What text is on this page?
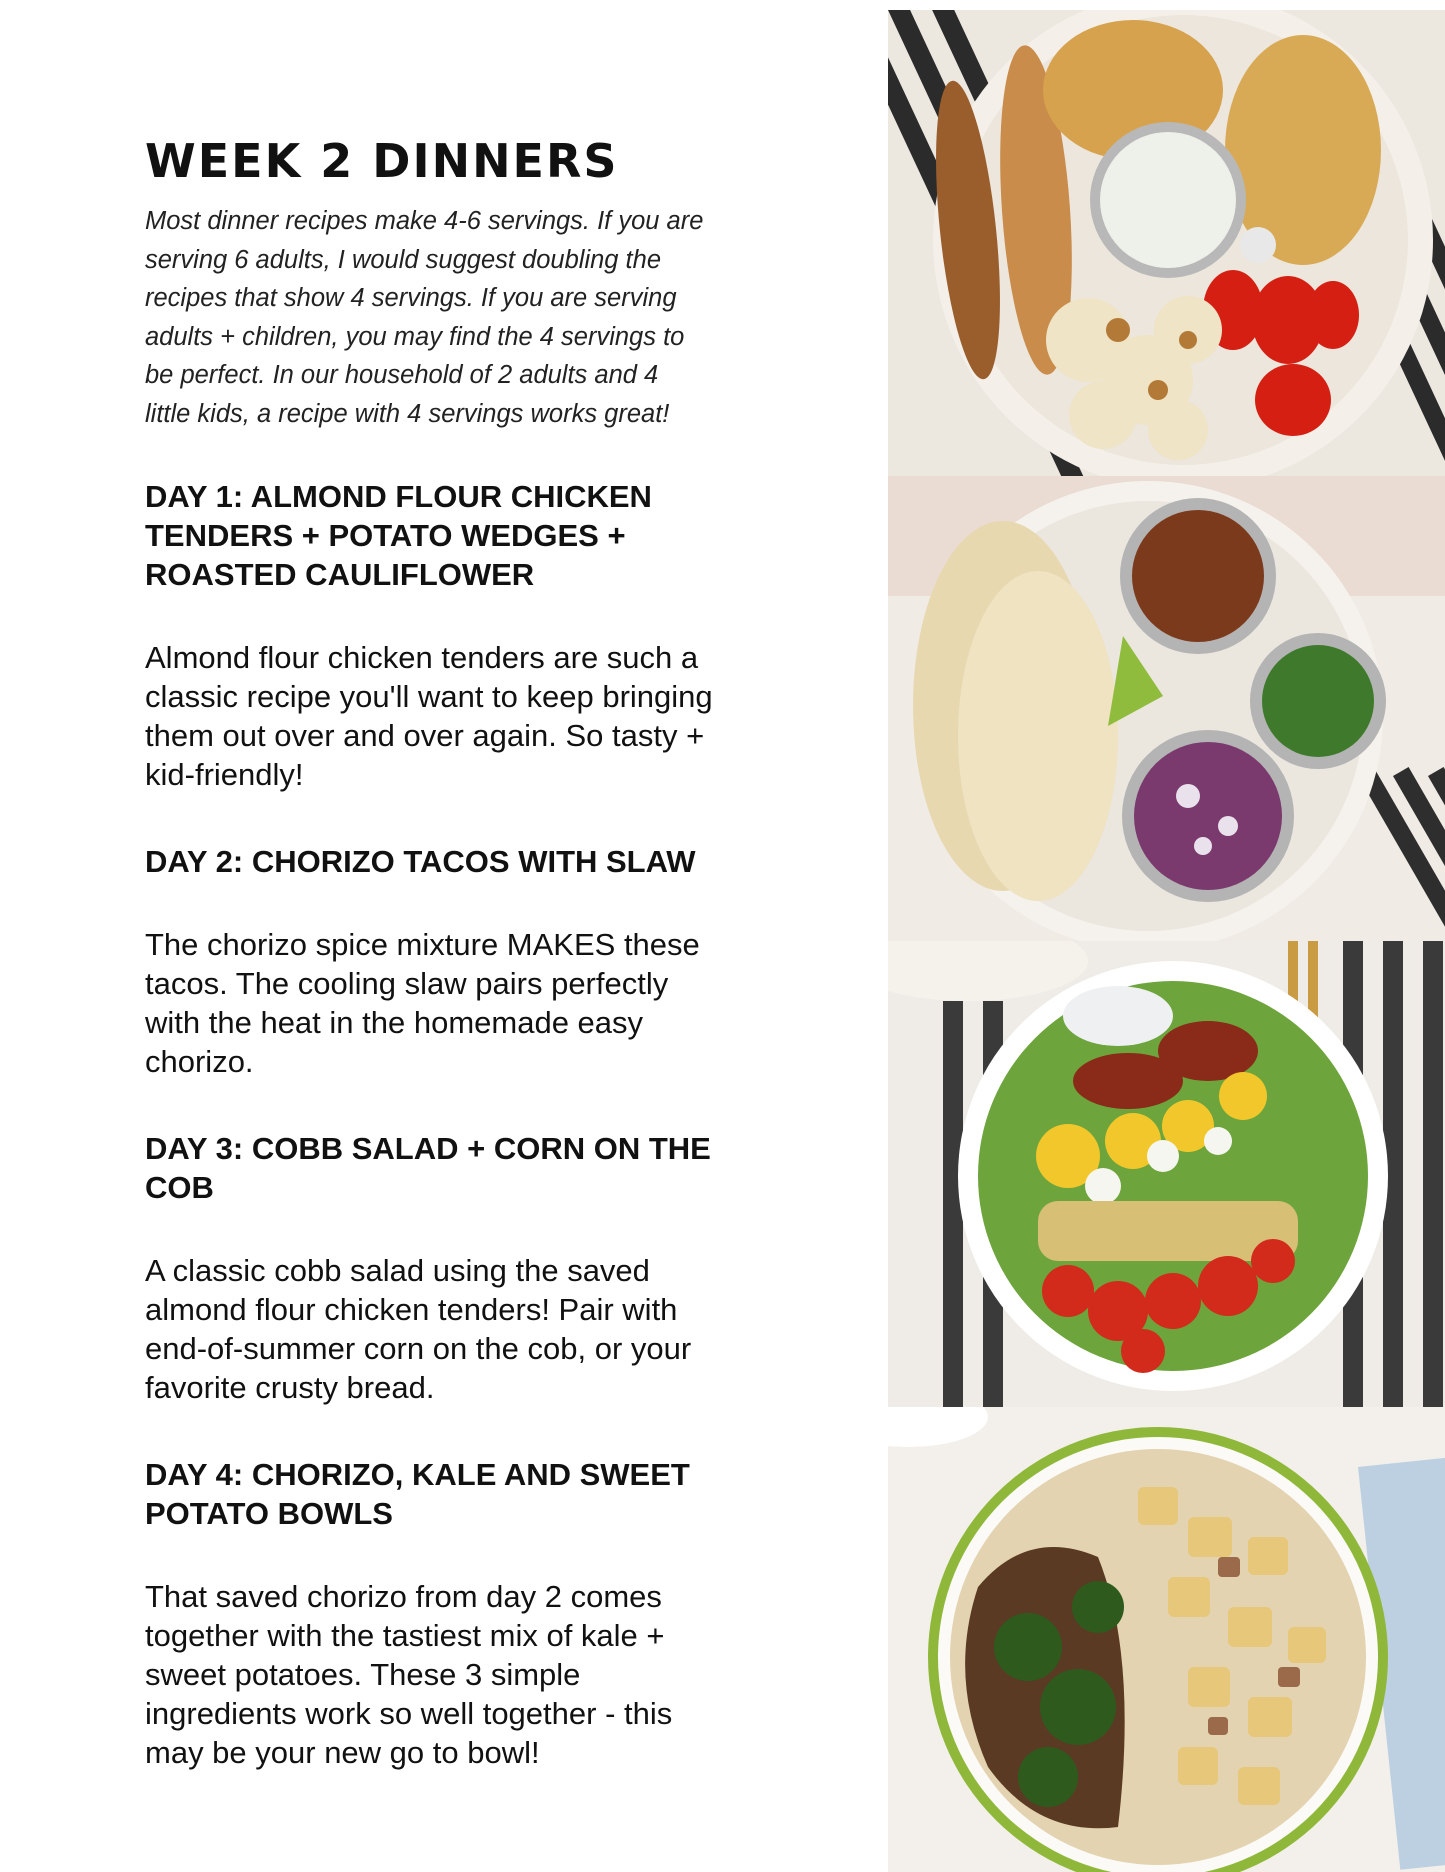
WEEK 2 DINNERS

Most dinner recipes make 4-6 servings. If you are
serving 6 adults, I would suggest doubling the
recipes that show 4 servings. If you are serving
adults + children, you may find the 4 servings to
be perfect. In our household of 2 adults and 4
little kids, a recipe with 4 servings works great!

DAY 1: ALMOND FLOUR CHICKEN
TENDERS + POTATO WEDGES +
ROASTED CAULIFLOWER

Almond flour chicken tenders are such a
classic recipe you'll want to keep bringing
them out over and over again. So tasty +
kid-friendly!

DAY 2: CHORIZO TACOS WITH SLAW

The chorizo spice mixture MAKES these
tacos. The cooling slaw pairs perfectly
with the heat in the homemade easy
chorizo.

DAY 3: COBB SALAD + CORN ON THE
COB

A classic cobb salad using the saved
almond flour chicken tenders! Pair with
end-of-summer corn on the cob, or your
favorite crusty bread.

DAY 4: CHORIZO, KALE AND SWEET
POTATO BOWLS

That saved chorizo from day 2 comes
together with the tastiest mix of kale +
sweet potatoes. These 3 simple
ingredients work so well together - this
may be your new go to bowl!
